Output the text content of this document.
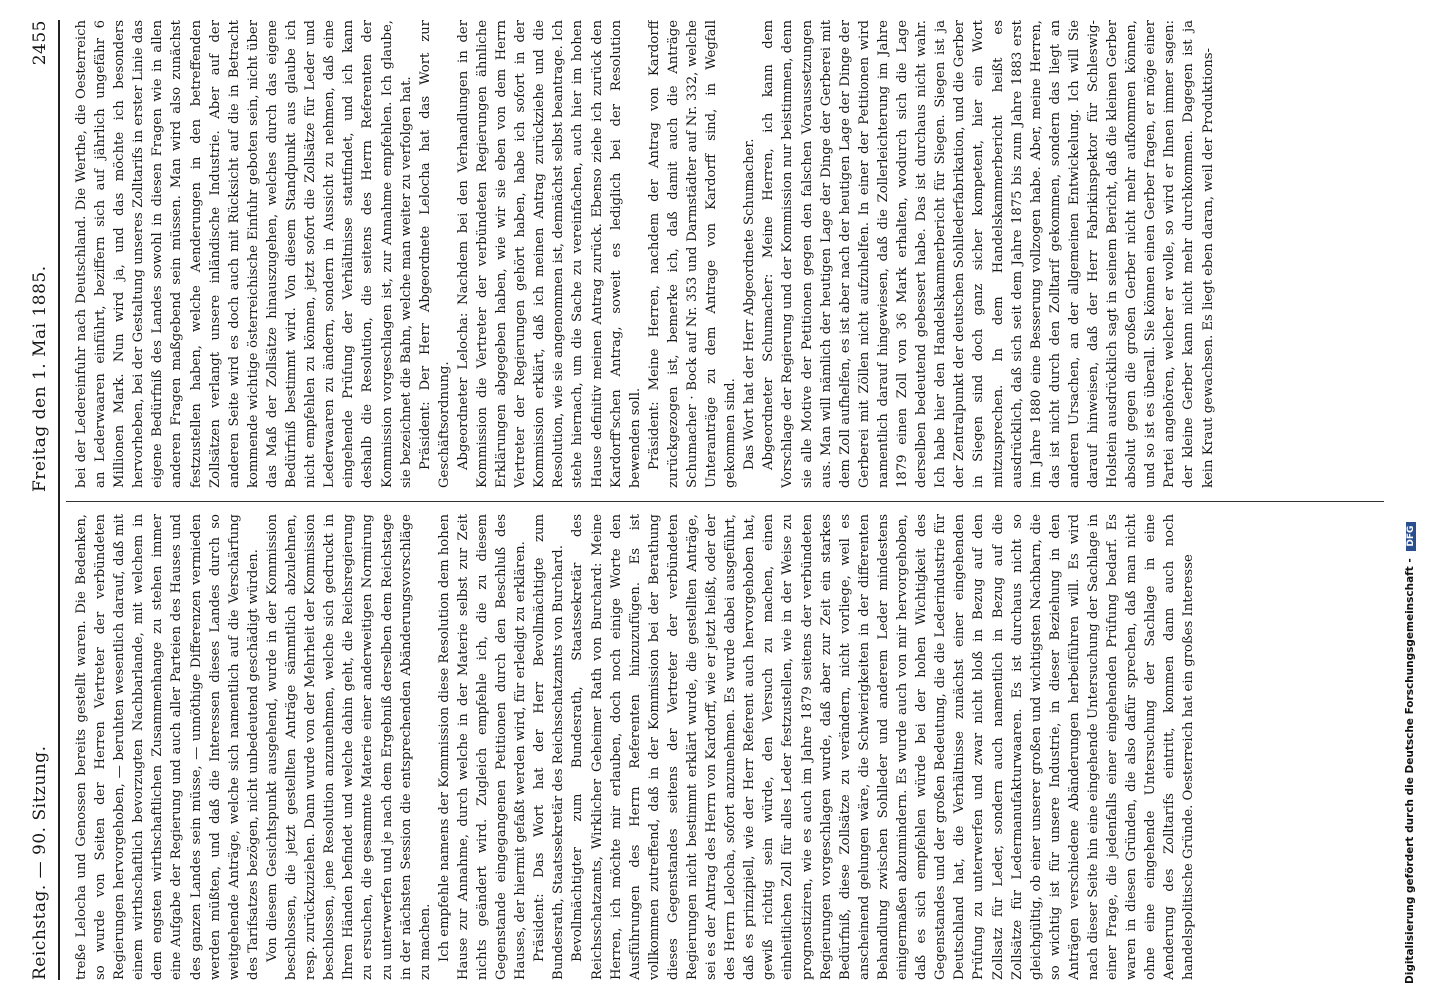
Reichstag. — 90. Sitzung.
2455
Freitag den 1. Mai 1885.

treße Lelocha und Genossen bereits gestellt waren. Die Bedenken, so wurde von Seiten der Herren Vertreter der verbündeten Regierungen hervorgehoben, — beruhten wesentlich darauf, daß mit einem wirthschaftlich bevorzugten Nachbarlande, mit welchem in dem engsten wirthschaftlichen Zusammenhange zu stehen immer eine Aufgabe der Regierung und auch aller Parteien des Hauses und des ganzen Landes sein müsse, — unnöthige Differenzen vermieden werden müßten, und daß die Interessen dieses Landes durch so weitgehende Anträge, welche sich namentlich auf die Verschärfung des Tarifsatzes bezögen, nicht unbedeutend geschädigt würden. Von diesem Gesichtspunkt ausgehend, wurde in der Kommission beschlossen, die jetzt gestellten Anträge sämmtlich abzulehnen, resp. zurückzuziehen. Dann wurde von der Mehrheit der Kommission beschlossen, jene Resolution anzunehmen, welche sich gedruckt in Ihren Händen befindet und welche dahin geht, die Reichsregierung zu ersuchen, die gesammte Materie einer anderweitigen Normirung zu unterwerfen und je nach dem Ergebniß derselben dem Reichstage in der nächsten Session die entsprechenden Abänderungsvorschläge zu machen. Ich empfehle namens der Kommission diese Resolution dem hohen Hause zur Annahme, durch welche in der Materie selbst zur Zeit nichts geändert wird. Zugleich empfehle ich, die zu diesem Gegenstande eingegangenen Petitionen durch den Beschluß des Hauses, der hiermit gefaßt werden wird, für erledigt zu erklären. Präsident: Das Wort hat der Herr Bevollmächtigte zum Bundesrath, Staatssekretär des Reichsschatzamts von Burchard. Bevollmächtigter zum Bundesrath, Staatssekretär des Reichsschatzamts, Wirklicher Geheimer Rath von Burchard: Meine Herren, ich möchte mir erlauben, doch noch einige Worte den Ausführungen des Herrn Referenten hinzuzufügen. Es ist vollkommen zutreffend, daß in der Kommission bei der Berathung dieses Gegenstandes seitens der Vertreter der verbündeten Regierungen nicht bestimmt erklärt wurde, die gestellten Anträge, sei es der Antrag des Herrn von Kardorff, wie er jetzt heißt, oder der des Herrn Lelocha, sofort anzunehmen. Es wurde dabei ausgeführt, daß es prinzipiell, wie der Herr Referent auch hervorgehoben hat, gewiß richtig sein würde, den Versuch zu machen, einen einheitlichen Zoll für alles Leder festzustellen, wie in der Weise zu prognostiziren, wie es auch im Jahre 1879 seitens der verbündeten Regierungen vorgeschlagen wurde, daß aber zur Zeit ein starkes Bedürfniß, diese Zollsätze zu verändern, nicht vorliege, weil es anscheinend gelungen wäre, die Schwierigkeiten in der differenten Behandlung zwischen Sohlleder und anderem Leder mindestens einigermaßen abzumindern. Es wurde auch von mir hervorgehoben, daß es sich empfehlen würde bei der hohen Wichtigkeit des Gegenstandes und der großen Bedeutung, die die Lederindustrie für Deutschland hat, die Verhältnisse zunächst einer eingehenden Prüfung zu unterwerfen und zwar nicht bloß in Bezug auf den Zollsatz für Leder, sondern auch namentlich in Bezug auf die Zollsätze für Ledermanufakturwaaren. Es ist durchaus nicht so gleichgültig, ob einer unserer großen und wichtigsten Nachbarn, die so wichtig ist für unsere Industrie, in dieser Beziehung in den Anträgen verschiedene Abänderungen herbeiführen will. Es wird nach dieser Seite hin eine eingehende Untersuchung der Sachlage in einer Frage, die jedenfalls einer eingehenden Prüfung bedarf. Es waren in diesen Gründen, die also dafür sprechen, daß man nicht ohne eine eingehende Untersuchung der Sachlage in eine Aenderung des Zolltarifs eintritt, kommen dann auch noch handelspolitische Gründe. Oesterreich hat ein großes Interesse

bei der Ledereinfuhr nach Deutschland. Die Werthe, die Oesterreich an Lederwaaren einführt, beziffern sich auf jährlich ungefähr 6 Millionen Mark. Nun wird ja, und das möchte ich besonders hervorheben, bei der Gestaltung unseres Zolltarifs in erster Linie das eigene Bedürfniß des Landes sowohl in diesen Fragen wie in allen anderen Fragen maßgebend sein müssen. Man wird also zunächst festzustellen haben, welche Aenderungen in den betreffenden Zollsätzen verlangt unsere inländische Industrie. Aber auf der anderen Seite wird es doch auch mit Rücksicht auf die in Betracht kommende wichtige österreichische Einfuhr geboten sein, nicht über das Maß der Zollsätze hinauszugehen, welches durch das eigene Bedürfniß bestimmt wird. Von diesem Standpunkt aus glaube ich nicht empfehlen zu können, jetzt sofort die Zollsätze für Leder und Lederwaaren zu ändern, sondern in Aussicht zu nehmen, daß eine eingehende Prüfung der Verhältnisse stattfindet, und ich kann deshalb die Resolution, die seitens des Herrn Referenten der Kommission vorgeschlagen ist, zur Annahme empfehlen. Ich glaube, sie bezeichnet die Bahn, welche man weiter zu verfolgen hat. Präsident: Der Herr Abgeordnete Lelocha hat das Wort zur Geschäftsordnung. Abgeordneter Lelocha: Nachdem bei den Verhandlungen in der Kommission die Vertreter der verbündeten Regierungen ähnliche Erklärungen abgegeben haben, wie wir sie eben von dem Herrn Vertreter der Regierungen gehört haben, habe ich sofort in der Kommission erklärt, daß ich meinen Antrag zurückziehe und die Resolution, wie sie angenommen ist, demnächst selbst beantrage. Ich stehe hiernach, um die Sache zu vereinfachen, auch hier im hohen Hause definitiv meinen Antrag zurück. Ebenso ziehe ich zurück den Kardorff'schen Antrag, soweit es lediglich bei der Resolution bewenden soll. Präsident: Meine Herren, nachdem der Antrag von Kardorff zurückgezogen ist, bemerke ich, daß damit auch die Anträge Schumacher · Bock auf Nr. 353 und Darmstädter auf Nr. 332, welche Unteranträge zu dem Antrage von Kardorff sind, in Wegfall gekommen sind. Das Wort hat der Herr Abgeordnete Schumacher. Abgeordneter Schumacher: Meine Herren, ich kann dem Vorschlage der Regierung und der Kommission nur beistimmen, denn sie alle Motive der Petitionen gegen den falschen Voraussetzungen aus. Man will nämlich der heutigen Lage der Dinge der Gerberei mit dem Zoll aufhelfen, es ist aber nach der heutigen Lage der Dinge der Gerberei mit Zöllen nicht aufzuhelfen. In einer der Petitionen wird namentlich darauf hingewiesen, daß die Zollerleichterung im Jahre 1879 einen Zoll von 36 Mark erhalten, wodurch sich die Lage derselben bedeutend gebessert habe. Das ist durchaus nicht wahr. Ich habe hier den Handelskammerbericht für Siegen. Siegen ist ja der Zentralpunkt der deutschen Sohllederfabrikation, und die Gerber in Siegen sind doch ganz sicher kompetent, hier ein Wort mitzusprechen. In dem Handelskammerbericht heißt es ausdrücklich, daß sich seit dem Jahre 1875 bis zum Jahre 1883 erst im Jahre 1880 eine Besserung vollzogen habe. Aber, meine Herren, das ist nicht durch den Zolltarif gekommen, sondern das liegt an anderen Ursachen, an der allgemeinen Entwickelung. Ich will Sie darauf hinweisen, daß der Herr Fabrikinspektor für Schleswig-Holstein ausdrücklich sagt in seinem Bericht, daß die kleinen Gerber absolut gegen die großen Gerber nicht mehr aufkommen können, und so ist es überall. Sie können einen Gerber fragen, er möge einer Partei angehören, welcher er wolle, so wird er Ihnen immer sagen: der kleine Gerber kann nicht mehr durchkommen. Dagegen ist ja kein Kraut gewachsen. Es liegt eben daran, weil der Produktions-

Digitalisierung gefördert durch die Deutsche Forschungsgemeinschaft - DFG
